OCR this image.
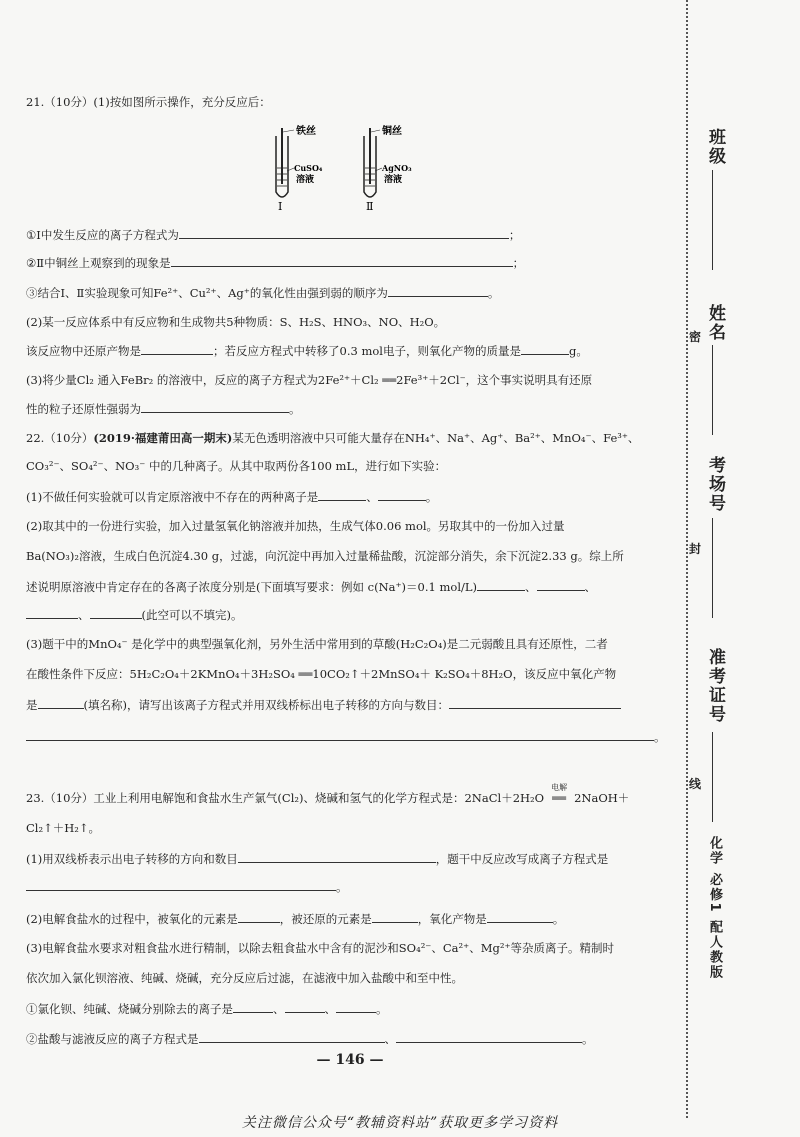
21.（10分）(1)按如图所示操作，充分反应后：
铁丝
CuSO₄
溶液
Ⅰ
铜丝
AgNO₃
溶液
Ⅱ
①Ⅰ中发生反应的离子方程式为	；
②Ⅱ中铜丝上观察到的现象是	；
③结合Ⅰ、Ⅱ实验现象可知Fe²⁺、Cu²⁺、Ag⁺的氧化性由强到弱的顺序为	。
(2)某一反应体系中有反应物和生成物共5种物质：S、H₂S、HNO₃、NO、H₂O。
该反应物中还原产物是	；若反应方程式中转移了0.3 mol电子，则氧化产物的质量是	g。
(3)将少量Cl₂ 通入FeBr₂ 的溶液中，反应的离子方程式为2Fe²⁺＋Cl₂ ══2Fe³⁺＋2Cl⁻，这个事实说明具有还原
性的粒子还原性强弱为	。
22.（10分）(2019·福建莆田高一期末)某无色透明溶液中只可能大量存在NH₄⁺、Na⁺、Ag⁺、Ba²⁺、MnO₄⁻、Fe³⁺、
CO₃²⁻、SO₄²⁻、NO₃⁻ 中的几种离子。从其中取两份各100 mL，进行如下实验：
(1)不做任何实验就可以肯定原溶液中不存在的两种离子是	、	。
(2)取其中的一份进行实验，加入过量氢氧化钠溶液并加热，生成气体0.06 mol。另取其中的一份加入过量
Ba(NO₃)₂溶液，生成白色沉淀4.30 g，过滤，向沉淀中再加入过量稀盐酸，沉淀部分消失，余下沉淀2.33 g。综上所
述说明原溶液中肯定存在的各离子浓度分别是(下面填写要求：例如 c(Na⁺)＝0.1 mol/L)	、	、
、	(此空可以不填完)。
(3)题干中的MnO₄⁻ 是化学中的典型强氧化剂，另外生活中常用到的草酸(H₂C₂O₄)是二元弱酸且具有还原性，二者
在酸性条件下反应：5H₂C₂O₄＋2KMnO₄＋3H₂SO₄ ══10CO₂↑＋2MnSO₄＋ K₂SO₄＋8H₂O，该反应中氧化产物
是	(填名称)，请写出该离子方程式并用双线桥标出电子转移的方向与数目：
。
23.（10分）工业上利用电解饱和食盐水生产氯气(Cl₂)、烧碱和氢气的化学方程式是：2NaCl＋2H₂O
电解
══ 2NaOH＋
Cl₂↑＋H₂↑。
(1)用双线桥表示出电子转移的方向和数目	，题干中反应改写成离子方程式是
。
(2)电解食盐水的过程中，被氧化的元素是	，被还原的元素是	，氧化产物是	。
(3)电解食盐水要求对粗食盐水进行精制，以除去粗食盐水中含有的泥沙和SO₄²⁻、Ca²⁺、Mg²⁺等杂质离子。精制时
依次加入氯化钡溶液、纯碱、烧碱，充分反应后过滤，在滤液中加入盐酸中和至中性。
①氯化钡、纯碱、烧碱分别除去的离子是	、	、	。
②盐酸与滤液反应的离子方程式是	、	。
— 146 —
关注微信公众号“教辅资料站”获取更多学习资料
班级
姓名
密
考场号
封
准考证号
线
化学 必修1 配人教版
